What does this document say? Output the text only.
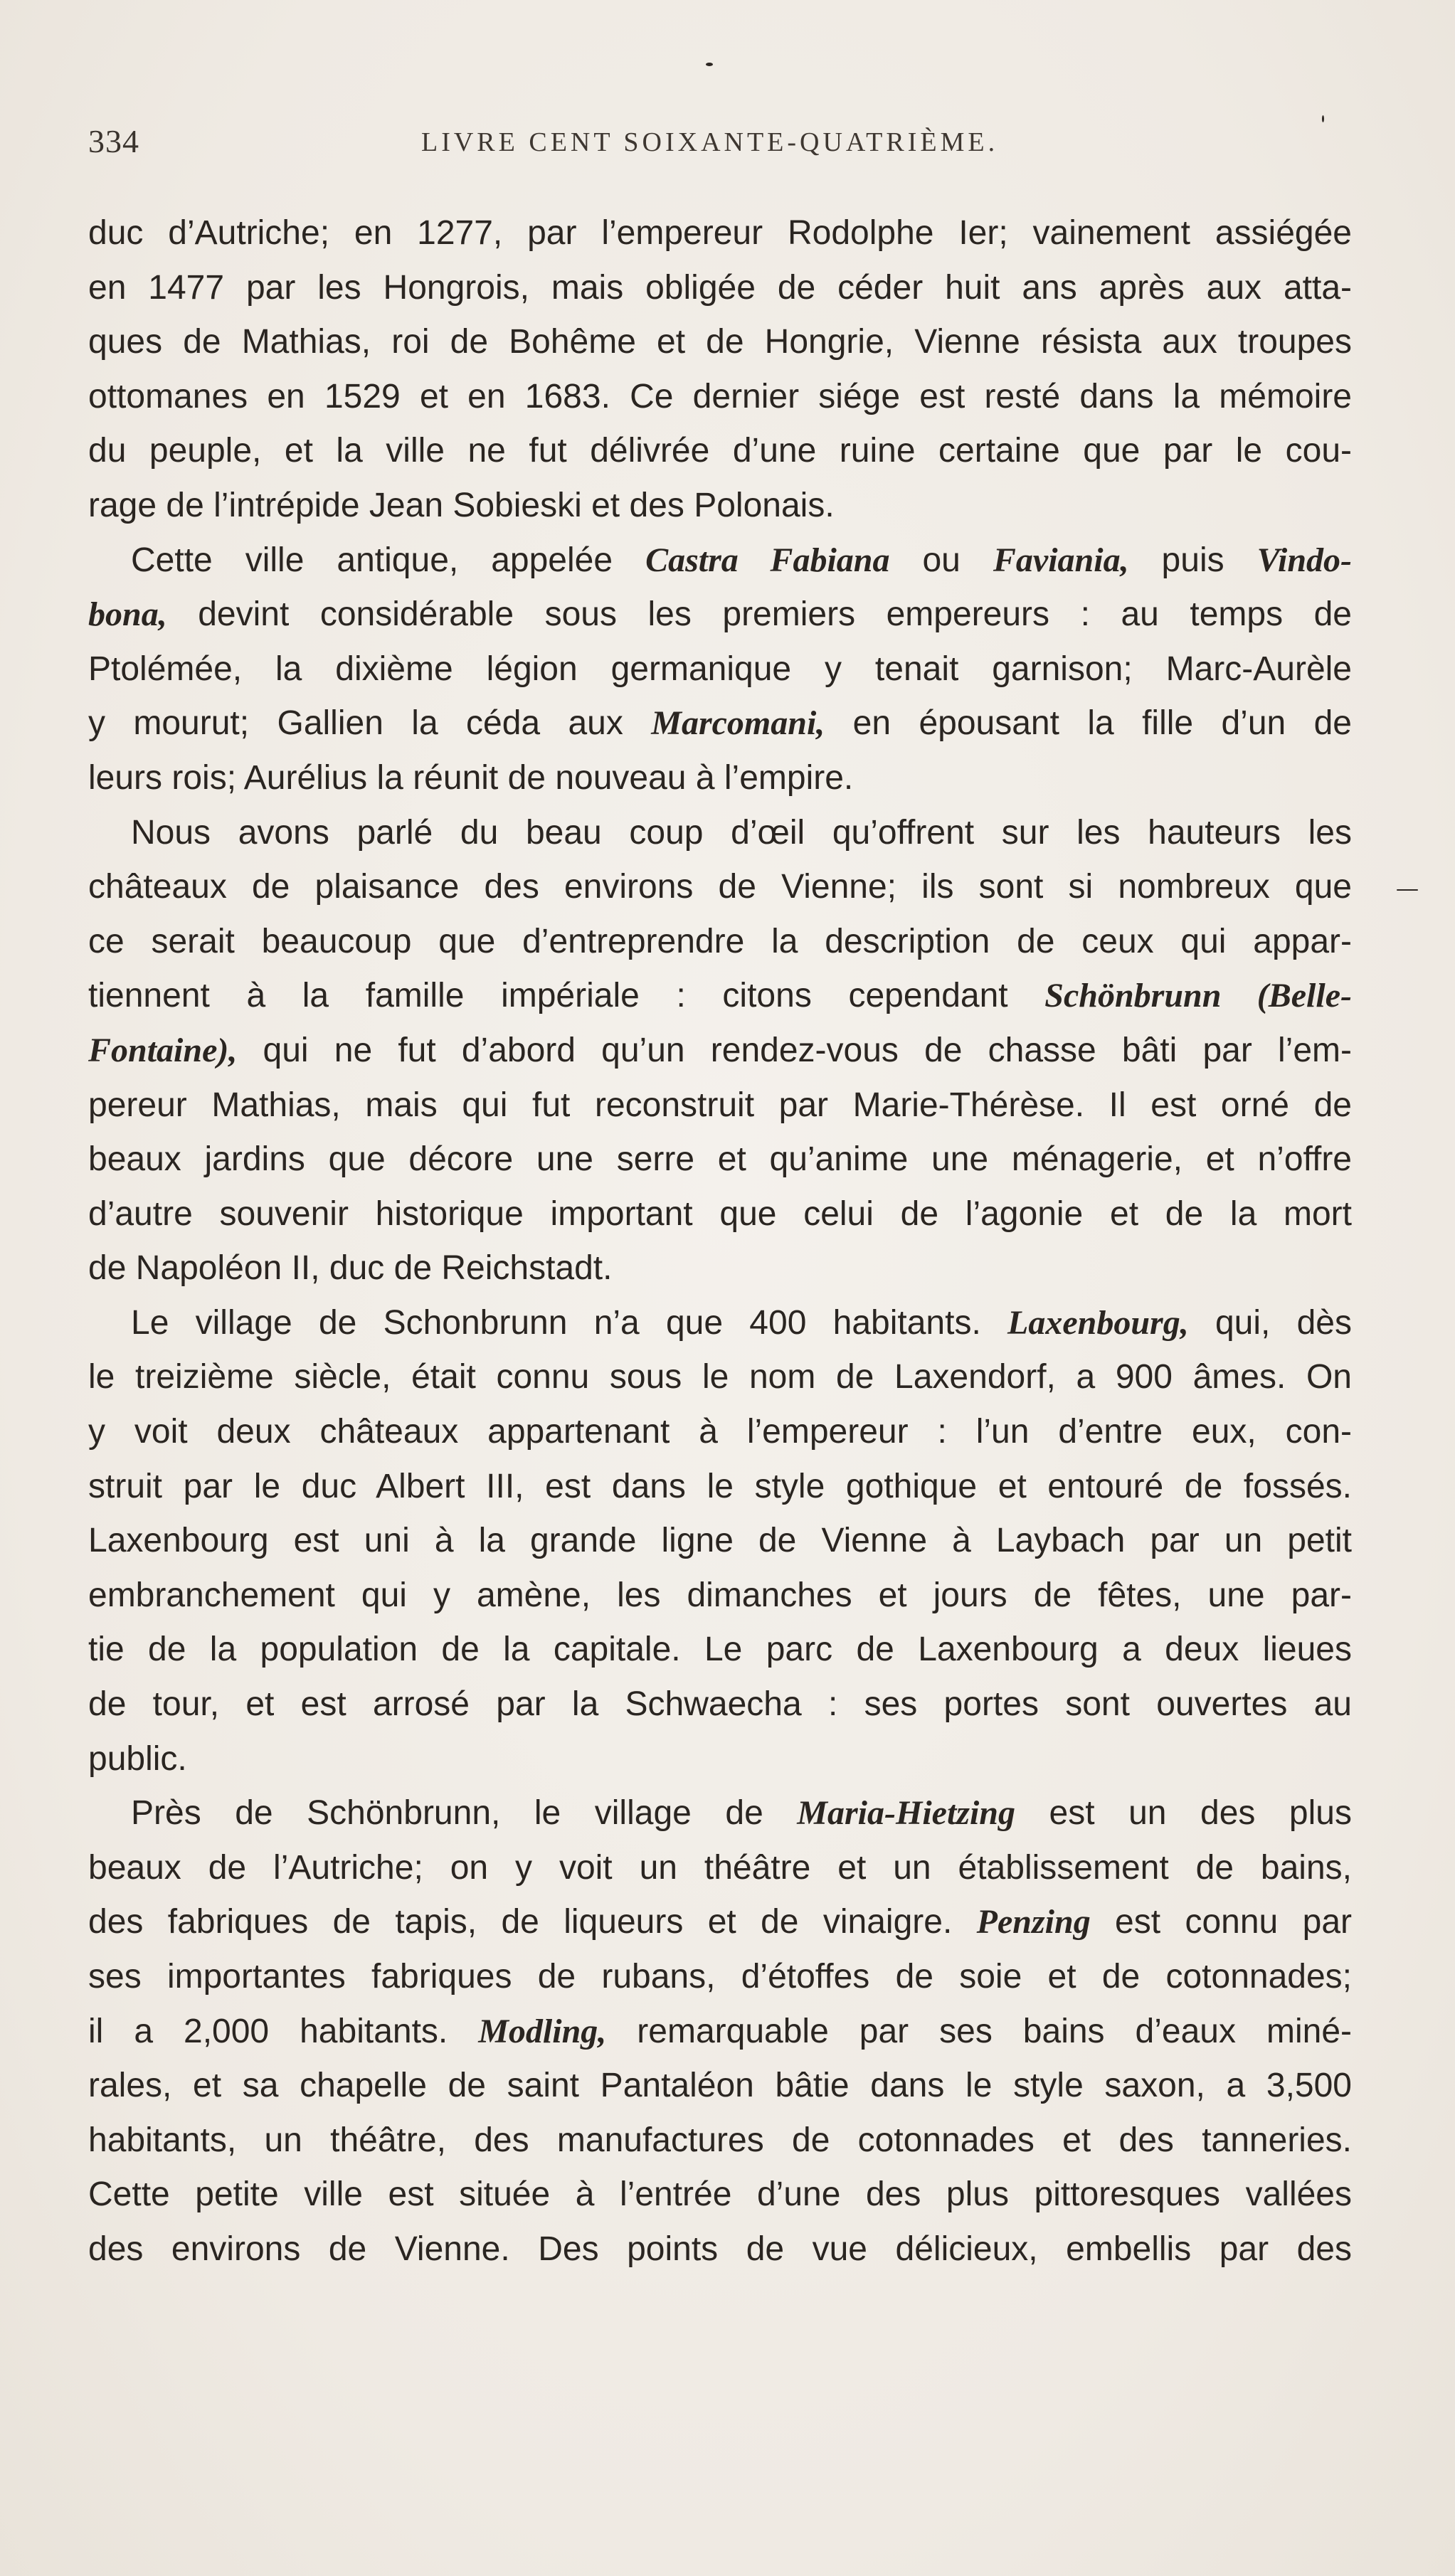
334	LIVRE CENT SOIXANTE-QUATRIÈME.
duc d’Autriche; en 1277, par l’empereur Rodolphe Ier; vainement assiégée
en 1477 par les Hongrois, mais obligée de céder huit ans après aux atta-
ques de Mathias, roi de Bohême et de Hongrie, Vienne résista aux troupes
ottomanes en 1529 et en 1683. Ce dernier siége est resté dans la mémoire
du peuple, et la ville ne fut délivrée d’une ruine certaine que par le cou-
rage de l’intrépide Jean Sobieski et des Polonais.
Cette ville antique, appelée Castra Fabiana ou Faviania, puis Vindo-
bona, devint considérable sous les premiers empereurs : au temps de
Ptolémée, la dixième légion germanique y tenait garnison; Marc-Aurèle
y mourut; Gallien la céda aux Marcomani, en épousant la fille d’un de
leurs rois; Aurélius la réunit de nouveau à l’empire.
Nous avons parlé du beau coup d’œil qu’offrent sur les hauteurs les
châteaux de plaisance des environs de Vienne; ils sont si nombreux que
ce serait beaucoup que d’entreprendre la description de ceux qui appar-
tiennent à la famille impériale : citons cependant Schönbrunn (Belle-
Fontaine), qui ne fut d’abord qu’un rendez-vous de chasse bâti par l’em-
pereur Mathias, mais qui fut reconstruit par Marie-Thérèse. Il est orné de
beaux jardins que décore une serre et qu’anime une ménagerie, et n’offre
d’autre souvenir historique important que celui de l’agonie et de la mort
de Napoléon II, duc de Reichstadt.
Le village de Schonbrunn n’a que 400 habitants. Laxenbourg, qui, dès
le treizième siècle, était connu sous le nom de Laxendorf, a 900 âmes. On
y voit deux châteaux appartenant à l’empereur : l’un d’entre eux, con-
struit par le duc Albert III, est dans le style gothique et entouré de fossés.
Laxenbourg est uni à la grande ligne de Vienne à Laybach par un petit
embranchement qui y amène, les dimanches et jours de fêtes, une par-
tie de la population de la capitale. Le parc de Laxenbourg a deux lieues
de tour, et est arrosé par la Schwaecha : ses portes sont ouvertes au
public.
Près de Schönbrunn, le village de Maria-Hietzing est un des plus
beaux de l’Autriche; on y voit un théâtre et un établissement de bains,
des fabriques de tapis, de liqueurs et de vinaigre. Penzing est connu par
ses importantes fabriques de rubans, d’étoffes de soie et de cotonnades;
il a 2,000 habitants. Modling, remarquable par ses bains d’eaux miné-
rales, et sa chapelle de saint Pantaléon bâtie dans le style saxon, a 3,500
habitants, un théâtre, des manufactures de cotonnades et des tanneries.
Cette petite ville est située à l’entrée d’une des plus pittoresques vallées
des environs de Vienne. Des points de vue délicieux, embellis par des
